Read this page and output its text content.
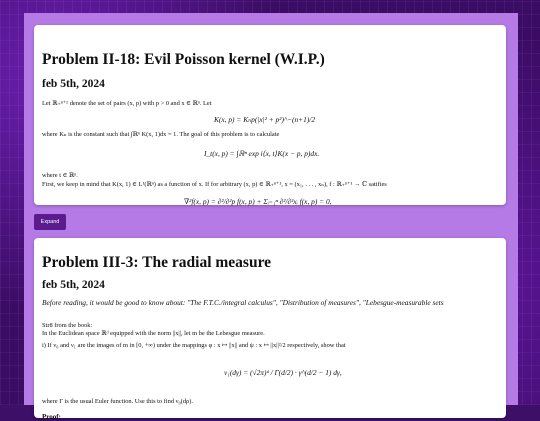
Problem II-18: Evil Poisson kernel (W.I.P.)
feb 5th, 2024
Let ℝ₊ⁿ⁺¹ denote the set of pairs (x, p) with p > 0 and x ∈ ℝⁿ. Let
K(x, p) = Kₙp(|x|² + p²)^−(n+1)/2
where Kₙ is the constant such that ∫ℝⁿ K(x, 1)dx = 1. The goal of this problem is to calculate
I_t(x, p) = ∫ℝⁿ exp i⟨x, t⟩K(x − p, p)dx.
where t ∈ ℝⁿ.
First, we keep in mind that K(x, 1) ∈ L¹(ℝⁿ) as a function of x. If for arbitrary (x, p) ∈ ℝ₊ⁿ⁺¹, x = (x₁, . . . , xₙ), f : ℝ₊ⁿ⁺¹ → ℂ satifies
∇²f(x, p) = ∂²/∂²p f(x, p) + Σᵢ₌₁ⁿ ∂²/∂²xᵢ f(x, p) = 0,
Expand
Problem III-3: The radial measure
feb 5th, 2024
Before reading, it would be good to know about: "The F.T.C./integral calculus", "Distribution of measures", "Lebesgue-measurable sets
Str8 from the book:
In the Euclidean space ℝᵈ equipped with the norm ||x||, let m be the Lebesgue measure.
i) If ν₀ and ν₁ are the images of m in [0, +∞) under the mappings φ : x ↦ ||x|| and ψ : x ↦ ||x||²/2 respectively, show that
ν₁(dγ) = (√2π)ᵈ / Γ(d/2) · γ^(d/2 − 1) dγ,
where Γ is the usual Euler function. Use this to find ν₀(dρ).
Proof:
